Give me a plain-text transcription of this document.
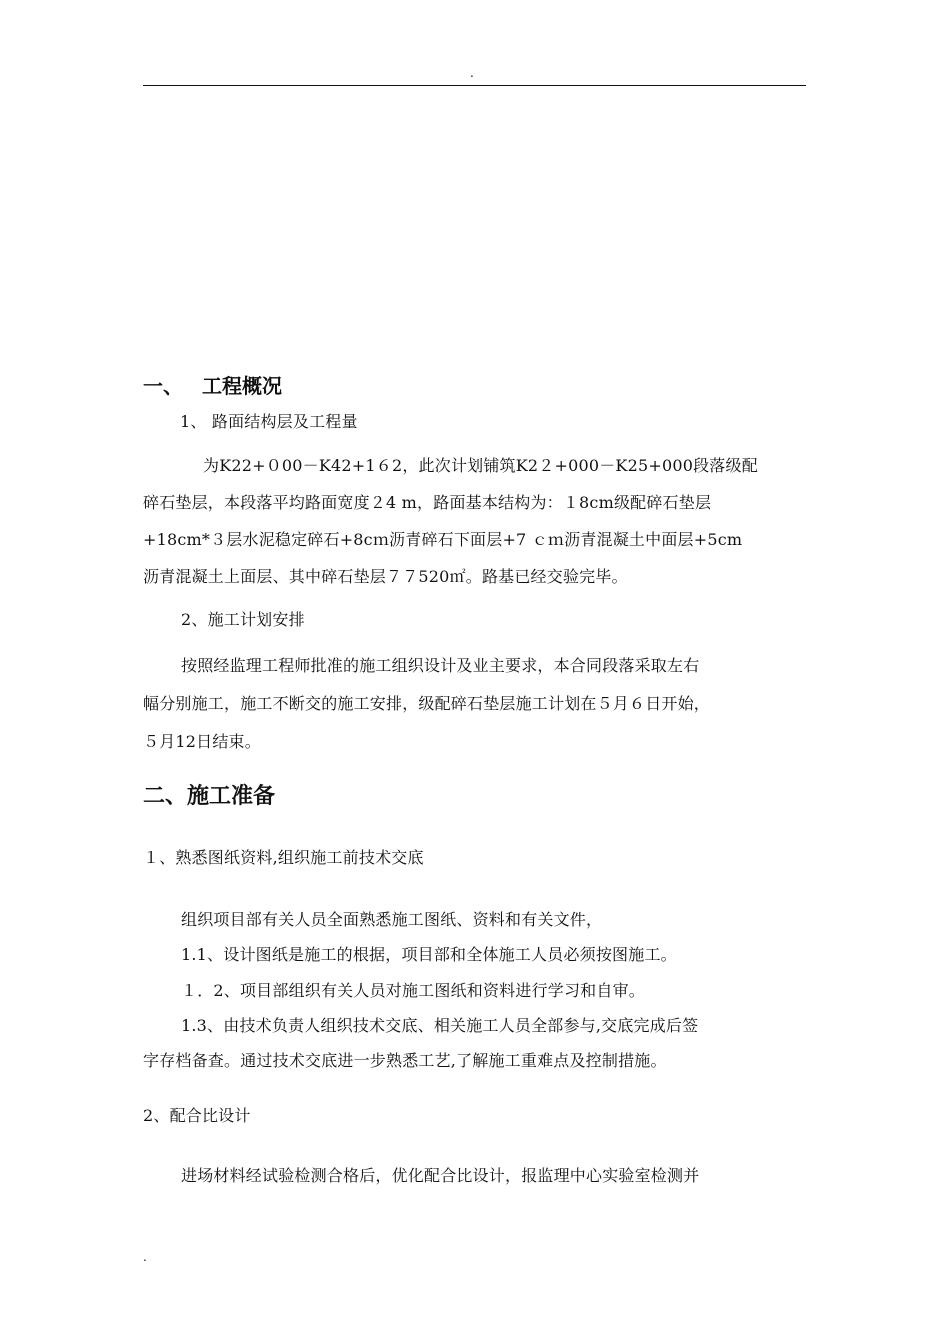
.
一、 工程概况
1、 路面结构层及工程量
为K22+０00－K42+1６2，此次计划铺筑K2２+000－K25+000段落级配
碎石垫层，本段落平均路面宽度２4 m，路面基本结构为：１8cm级配碎石垫层
+18cm*３层水泥稳定碎石+8cｍ沥青碎石下面层+7 ｃｍ沥青混凝土中面层+5cm
沥青混凝土上面层、其中碎石垫层７７520㎡。路基已经交验完毕。
2、施工计划安排
按照经监理工程师批准的施工组织设计及业主要求，本合同段落采取左右
幅分别施工，施工不断交的施工安排，级配碎石垫层施工计划在５月６日开始，
５月12日结束。
二、施工准备
１、熟悉图纸资料,组织施工前技术交底
组织项目部有关人员全面熟悉施工图纸、资料和有关文件，
1.1、设计图纸是施工的根据，项目部和全体施工人员必须按图施工。
１．2、项目部组织有关人员对施工图纸和资料进行学习和自审。
1.3、由技术负责人组织技术交底、相关施工人员全部参与,交底完成后签
字存档备查。通过技术交底进一步熟悉工艺,了解施工重难点及控制措施。
2、配合比设计
进场材料经试验检测合格后，优化配合比设计，报监理中心实验室检测并
.
